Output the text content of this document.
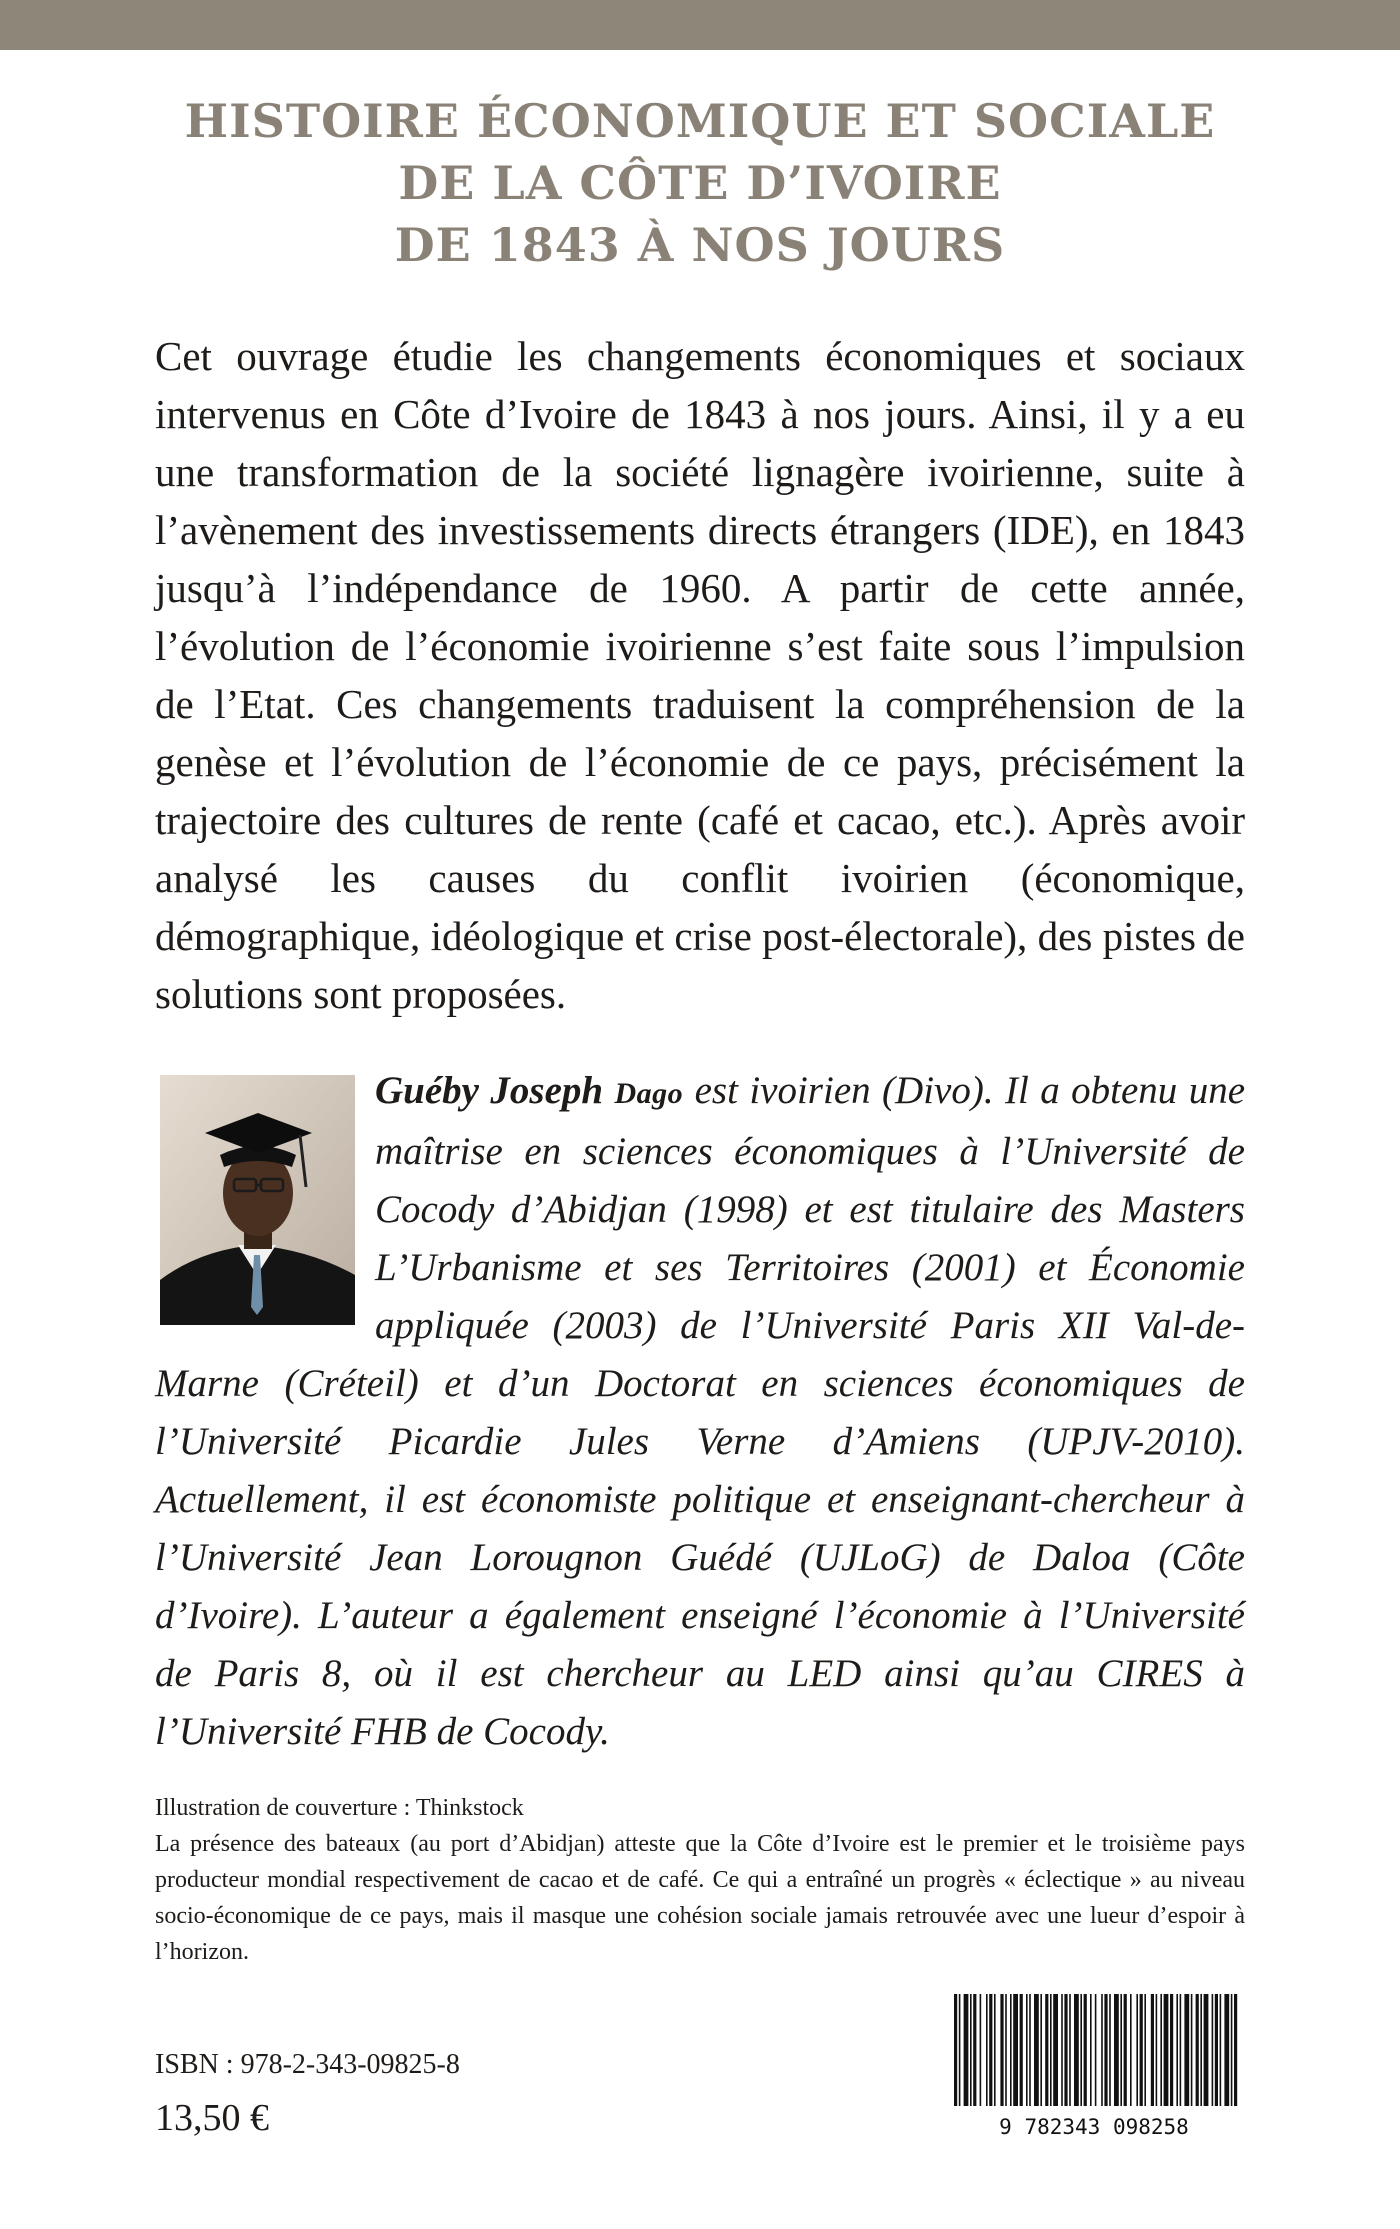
HISTOIRE ÉCONOMIQUE ET SOCIALE
DE LA CÔTE D’IVOIRE
DE 1843 À NOS JOURS

Cet ouvrage étudie les changements économiques et sociaux intervenus en Côte d’Ivoire de 1843 à nos jours. Ainsi, il y a eu une transformation de la société lignagère ivoirienne, suite à l’avènement des investissements directs étrangers (IDE), en 1843 jusqu’à l’indépendance de 1960. A partir de cette année, l’évolution de l’économie ivoirienne s’est faite sous l’impulsion de l’Etat. Ces changements traduisent la compréhension de la genèse et l’évolution de l’économie de ce pays, précisément la trajectoire des cultures de rente (café et cacao, etc.). Après avoir analysé les causes du conflit ivoirien (économique, démographique, idéologique et crise post-électorale), des pistes de solutions sont proposées.

Guéby Joseph Dago est ivoirien (Divo). Il a obtenu une maîtrise en sciences économiques à l’Université de Cocody d’Abidjan (1998) et est titulaire des Masters L’Urbanisme et ses Territoires (2001) et Économie appliquée (2003) de l’Université Paris XII Val-de-Marne (Créteil) et d’un Doctorat en sciences économiques de l’Université Picardie Jules Verne d’Amiens (UPJV-2010). Actuellement, il est économiste politique et enseignant-chercheur à l’Université Jean Lorougnon Guédé (UJLoG) de Daloa (Côte d’Ivoire). L’auteur a également enseigné l’économie à l’Université de Paris 8, où il est chercheur au LED ainsi qu’au CIRES à l’Université FHB de Cocody.

Illustration de couverture : Thinkstock
La présence des bateaux (au port d’Abidjan) atteste que la Côte d’Ivoire est le premier et le troisième pays producteur mondial respectivement de cacao et de café. Ce qui a entraîné un progrès « éclectique » au niveau socio-économique de ce pays, mais il masque une cohésion sociale jamais retrouvée avec une lueur d’espoir à l’horizon.
ISBN : 978-2-343-09825-8
13,50 €	9 782343 098258
